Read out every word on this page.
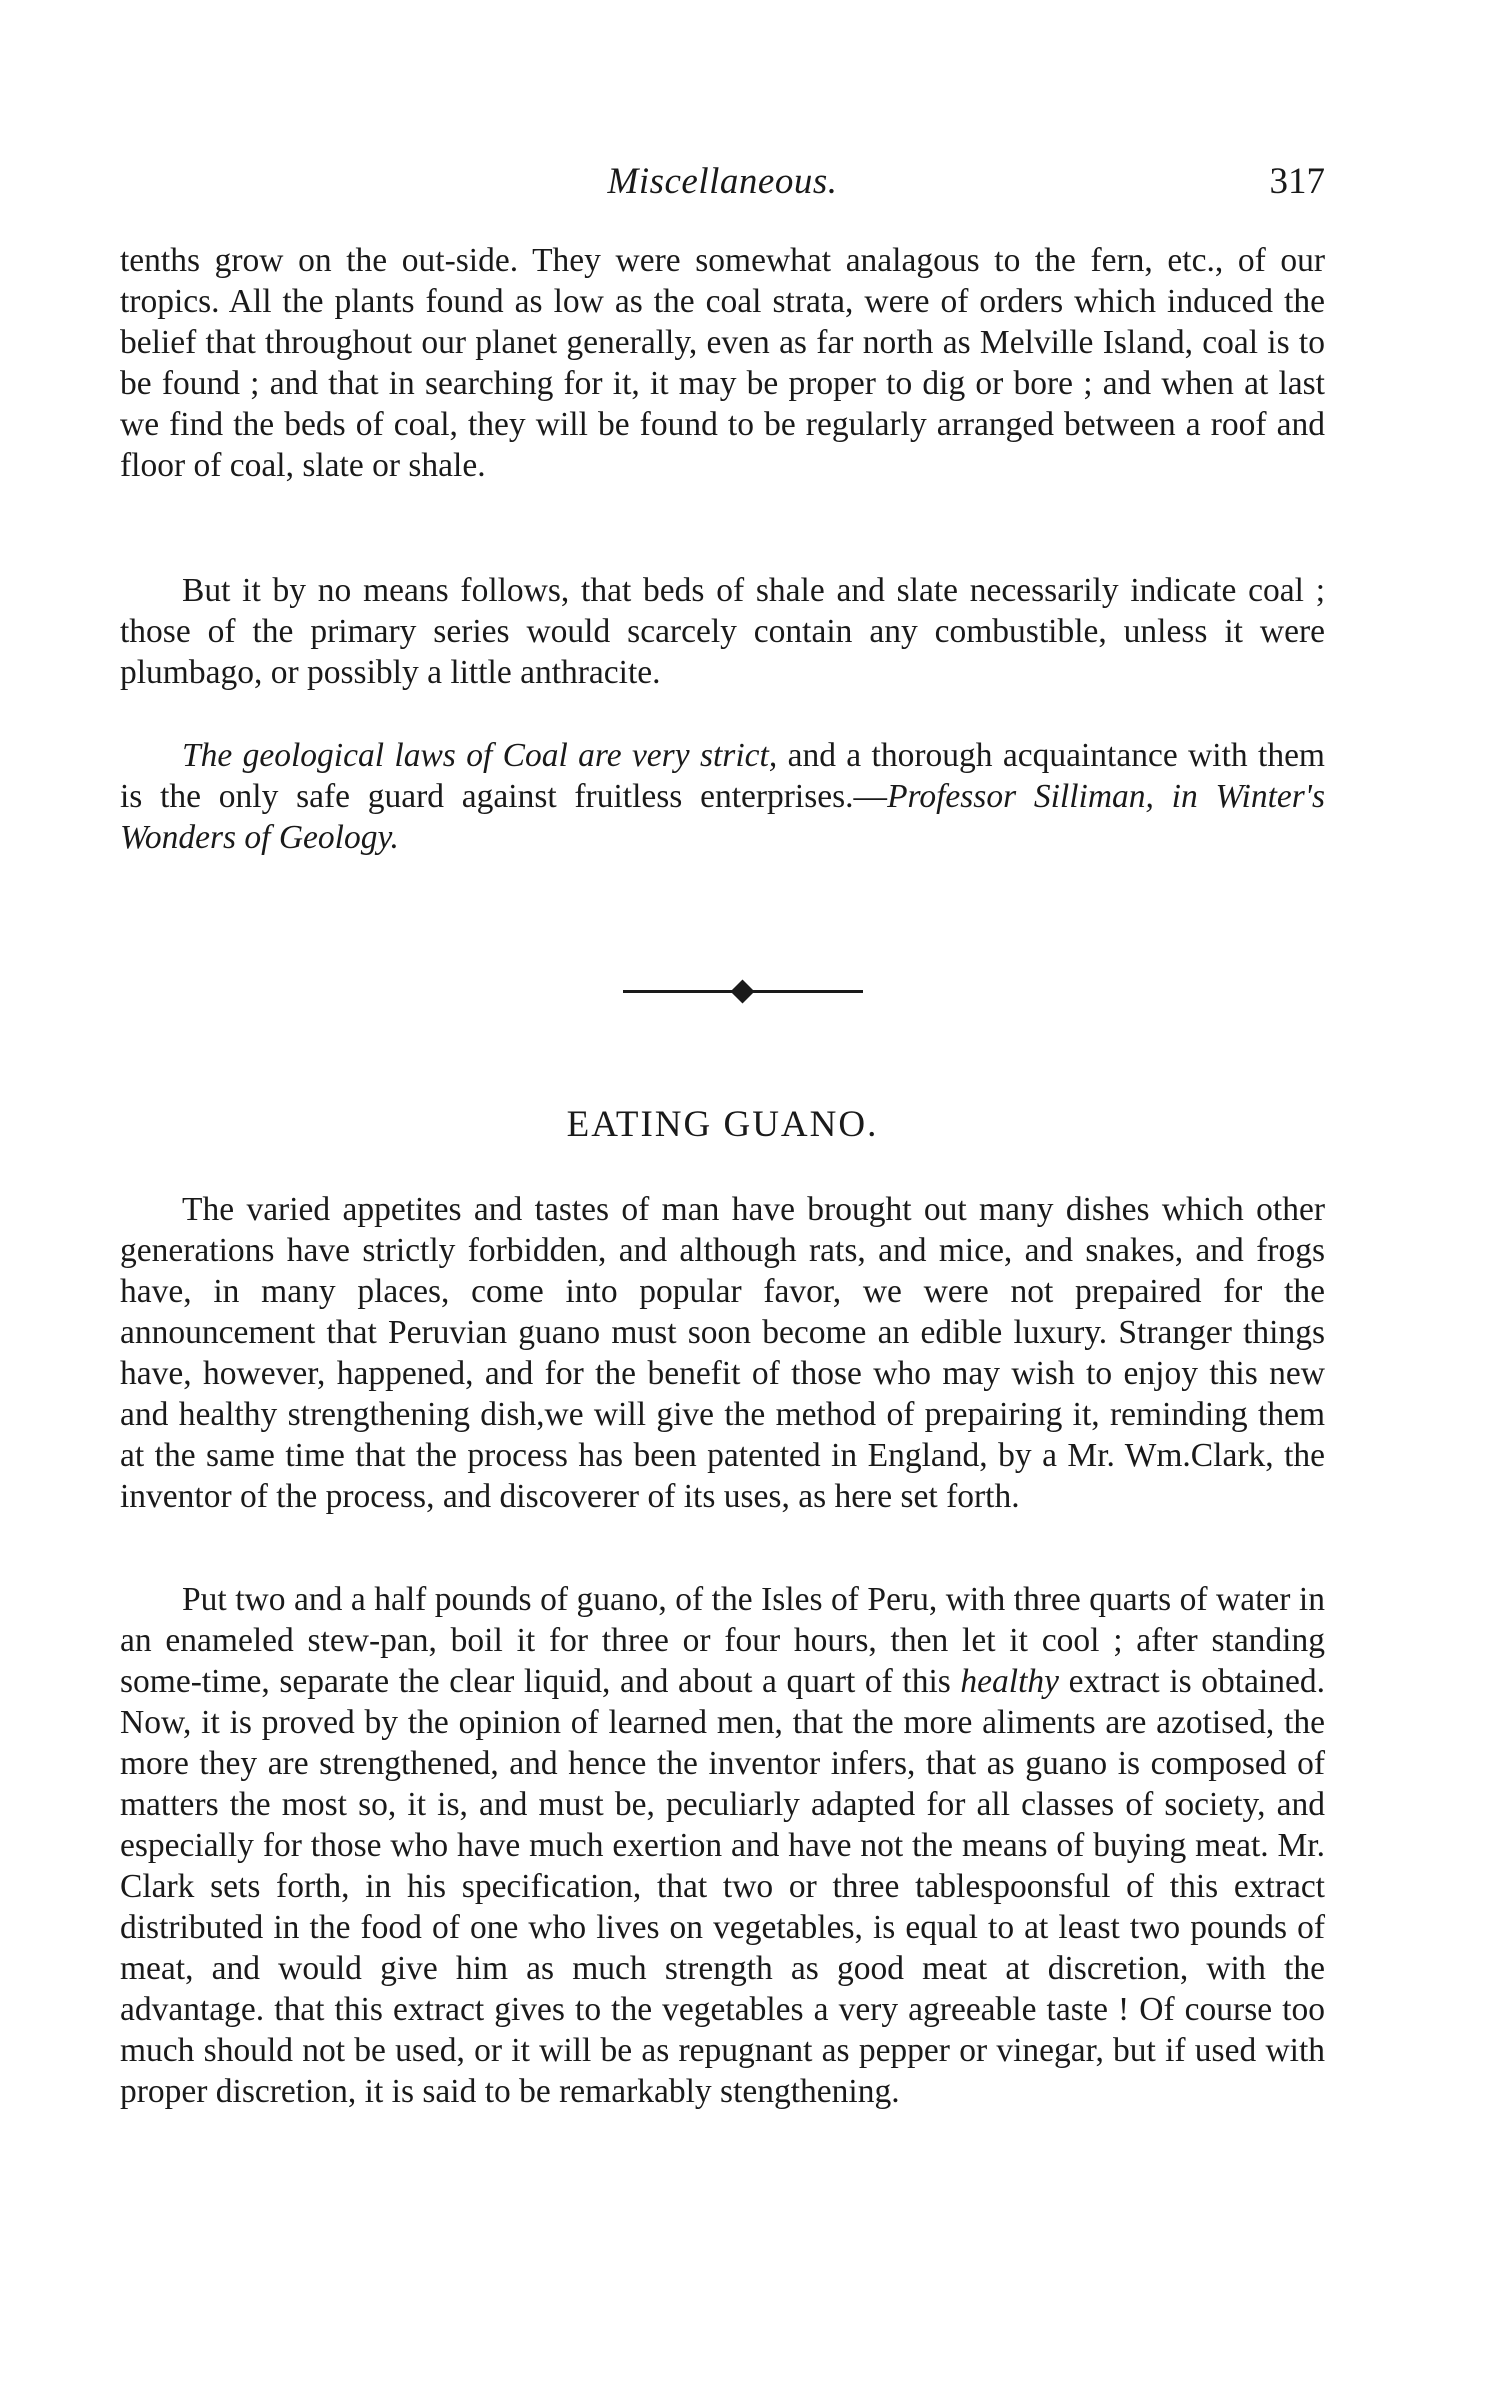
Miscellaneous.	317

tenths grow on the out-side. They were somewhat analagous to the fern, etc., of our tropics. All the plants found as low as the coal strata, were of orders which induced the belief that throughout our planet generally, even as far north as Melville Island, coal is to be found ; and that in searching for it, it may be proper to dig or bore ; and when at last we find the beds of coal, they will be found to be regularly arranged between a roof and floor of coal, slate or shale.

But it by no means follows, that beds of shale and slate necessarily indicate coal ; those of the primary series would scarcely contain any combustible, unless it were plumbago, or possibly a little anthracite.

The geological laws of Coal are very strict, and a thorough acquaintance with them is the only safe guard against fruitless enterprises.—Professor Silliman, in Winter's Wonders of Geology.

EATING GUANO.

The varied appetites and tastes of man have brought out many dishes which other generations have strictly forbidden, and although rats, and mice, and snakes, and frogs have, in many places, come into popular favor, we were not prepaired for the announcement that Peruvian guano must soon become an edible luxury. Stranger things have, however, happened, and for the benefit of those who may wish to enjoy this new and healthy strengthening dish,we will give the method of prepairing it, reminding them at the same time that the process has been patented in England, by a Mr. Wm.Clark, the inventor of the process, and discoverer of its uses, as here set forth.

Put two and a half pounds of guano, of the Isles of Peru, with three quarts of water in an enameled stew-pan, boil it for three or four hours, then let it cool ; after standing some-time, separate the clear liquid, and about a quart of this healthy extract is obtained. Now, it is proved by the opinion of learned men, that the more aliments are azotised, the more they are strengthened, and hence the inventor infers, that as guano is composed of matters the most so, it is, and must be, peculiarly adapted for all classes of society, and especially for those who have much exertion and have not the means of buying meat. Mr. Clark sets forth, in his specification, that two or three tablespoonsful of this extract distributed in the food of one who lives on vegetables, is equal to at least two pounds of meat, and would give him as much strength as good meat at discretion, with the advantage. that this extract gives to the vegetables a very agreeable taste ! Of course too much should not be used, or it will be as repugnant as pepper or vinegar, but if used with proper discretion, it is said to be remarkably stengthening.
